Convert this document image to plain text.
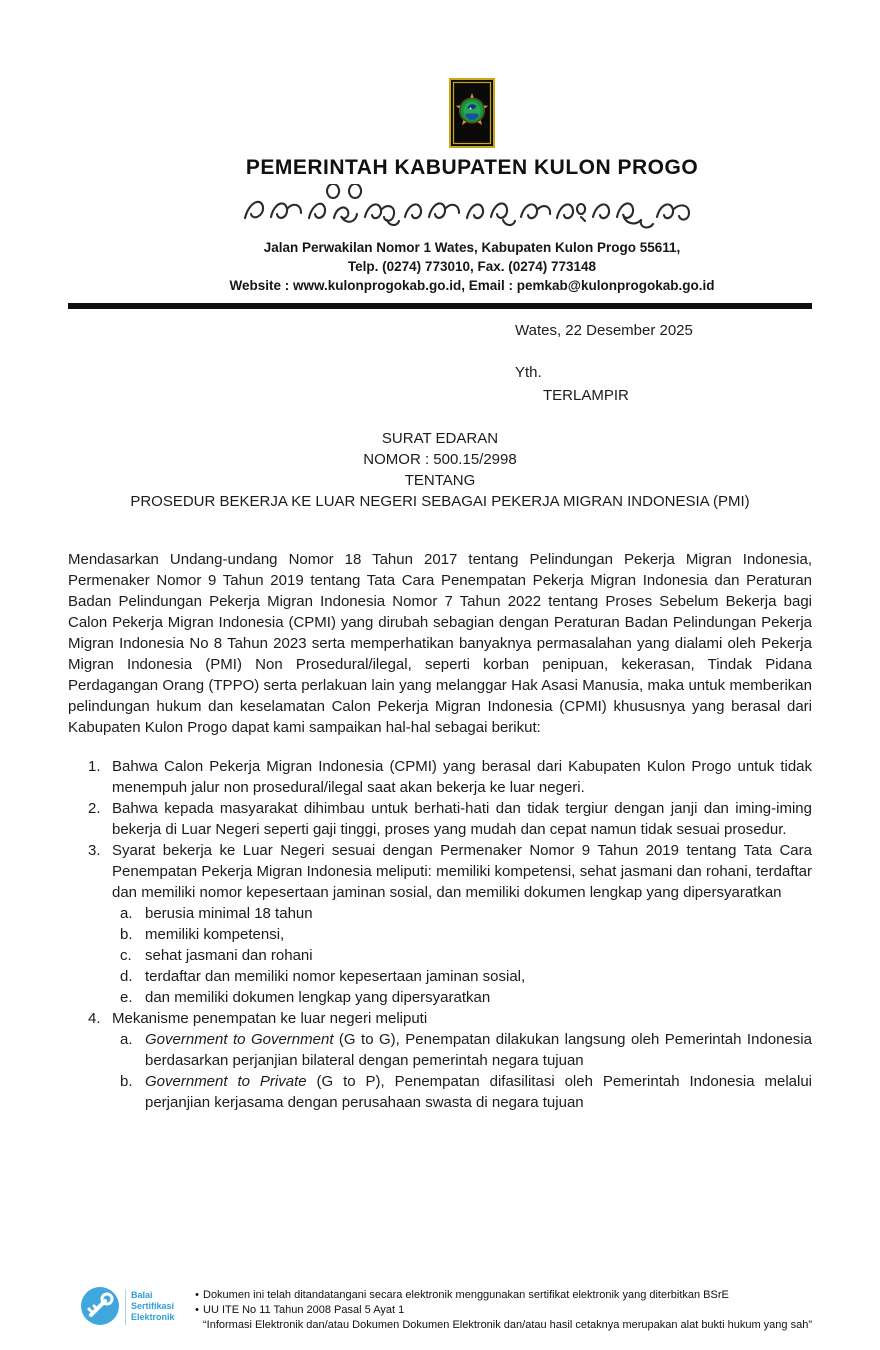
PEMERINTAH KABUPATEN KULON PROGO
Jalan Perwakilan Nomor 1 Wates, Kabupaten Kulon Progo 55611,
Telp. (0274) 773010, Fax. (0274) 773148
Website : www.kulonprogokab.go.id, Email : pemkab@kulonprogokab.go.id
Wates, 22 Desember 2025
Yth.
TERLAMPIR
SURAT EDARAN
NOMOR : 500.15/2998
TENTANG
PROSEDUR BEKERJA KE LUAR NEGERI SEBAGAI PEKERJA MIGRAN INDONESIA (PMI)

Mendasarkan Undang-undang Nomor 18 Tahun 2017 tentang Pelindungan Pekerja Migran Indonesia, Permenaker Nomor 9 Tahun 2019 tentang Tata Cara Penempatan Pekerja Migran Indonesia dan Peraturan Badan Pelindungan Pekerja Migran Indonesia Nomor 7 Tahun 2022 tentang Proses Sebelum Bekerja bagi Calon Pekerja Migran Indonesia (CPMI) yang dirubah sebagian dengan Peraturan Badan Pelindungan Pekerja Migran Indonesia No 8 Tahun 2023 serta memperhatikan banyaknya permasalahan yang dialami oleh Pekerja Migran Indonesia (PMI) Non Prosedural/ilegal, seperti korban penipuan, kekerasan, Tindak Pidana Perdagangan Orang (TPPO) serta perlakuan lain yang melanggar Hak Asasi Manusia, maka untuk memberikan pelindungan hukum dan keselamatan Calon Pekerja Migran Indonesia (CPMI) khususnya yang berasal dari Kabupaten Kulon Progo dapat kami sampaikan hal-hal sebagai berikut:

1. Bahwa Calon Pekerja Migran Indonesia (CPMI) yang berasal dari Kabupaten Kulon Progo untuk tidak menempuh jalur non prosedural/ilegal saat akan bekerja ke luar negeri.
2. Bahwa kepada masyarakat dihimbau untuk berhati-hati dan tidak tergiur dengan janji dan iming-iming bekerja di Luar Negeri seperti gaji tinggi, proses yang mudah dan cepat namun tidak sesuai prosedur.
3. Syarat bekerja ke Luar Negeri sesuai dengan Permenaker Nomor 9 Tahun 2019 tentang Tata Cara Penempatan Pekerja Migran Indonesia meliputi: memiliki kompetensi, sehat jasmani dan rohani, terdaftar dan memiliki nomor kepesertaan jaminan sosial, dan memiliki dokumen lengkap yang dipersyaratkan
a. berusia minimal 18 tahun
b. memiliki kompetensi,
c. sehat jasmani dan rohani
d. terdaftar dan memiliki nomor kepesertaan jaminan sosial,
e. dan memiliki dokumen lengkap yang dipersyaratkan
4. Mekanisme penempatan ke luar negeri meliputi
a. Government to Government (G to G), Penempatan dilakukan langsung oleh Pemerintah Indonesia berdasarkan perjanjian bilateral dengan pemerintah negara tujuan
b. Government to Private (G to P), Penempatan difasilitasi oleh Pemerintah Indonesia melalui perjanjian kerjasama dengan perusahaan swasta di negara tujuan
Balai
Sertifikasi
Elektronik
• Dokumen ini telah ditandatangani secara elektronik menggunakan sertifikat elektronik yang diterbitkan BSrE
• UU ITE No 11 Tahun 2008 Pasal 5 Ayat 1
“Informasi Elektronik dan/atau Dokumen Dokumen Elektronik dan/atau hasil cetaknya merupakan alat bukti hukum yang sah”
